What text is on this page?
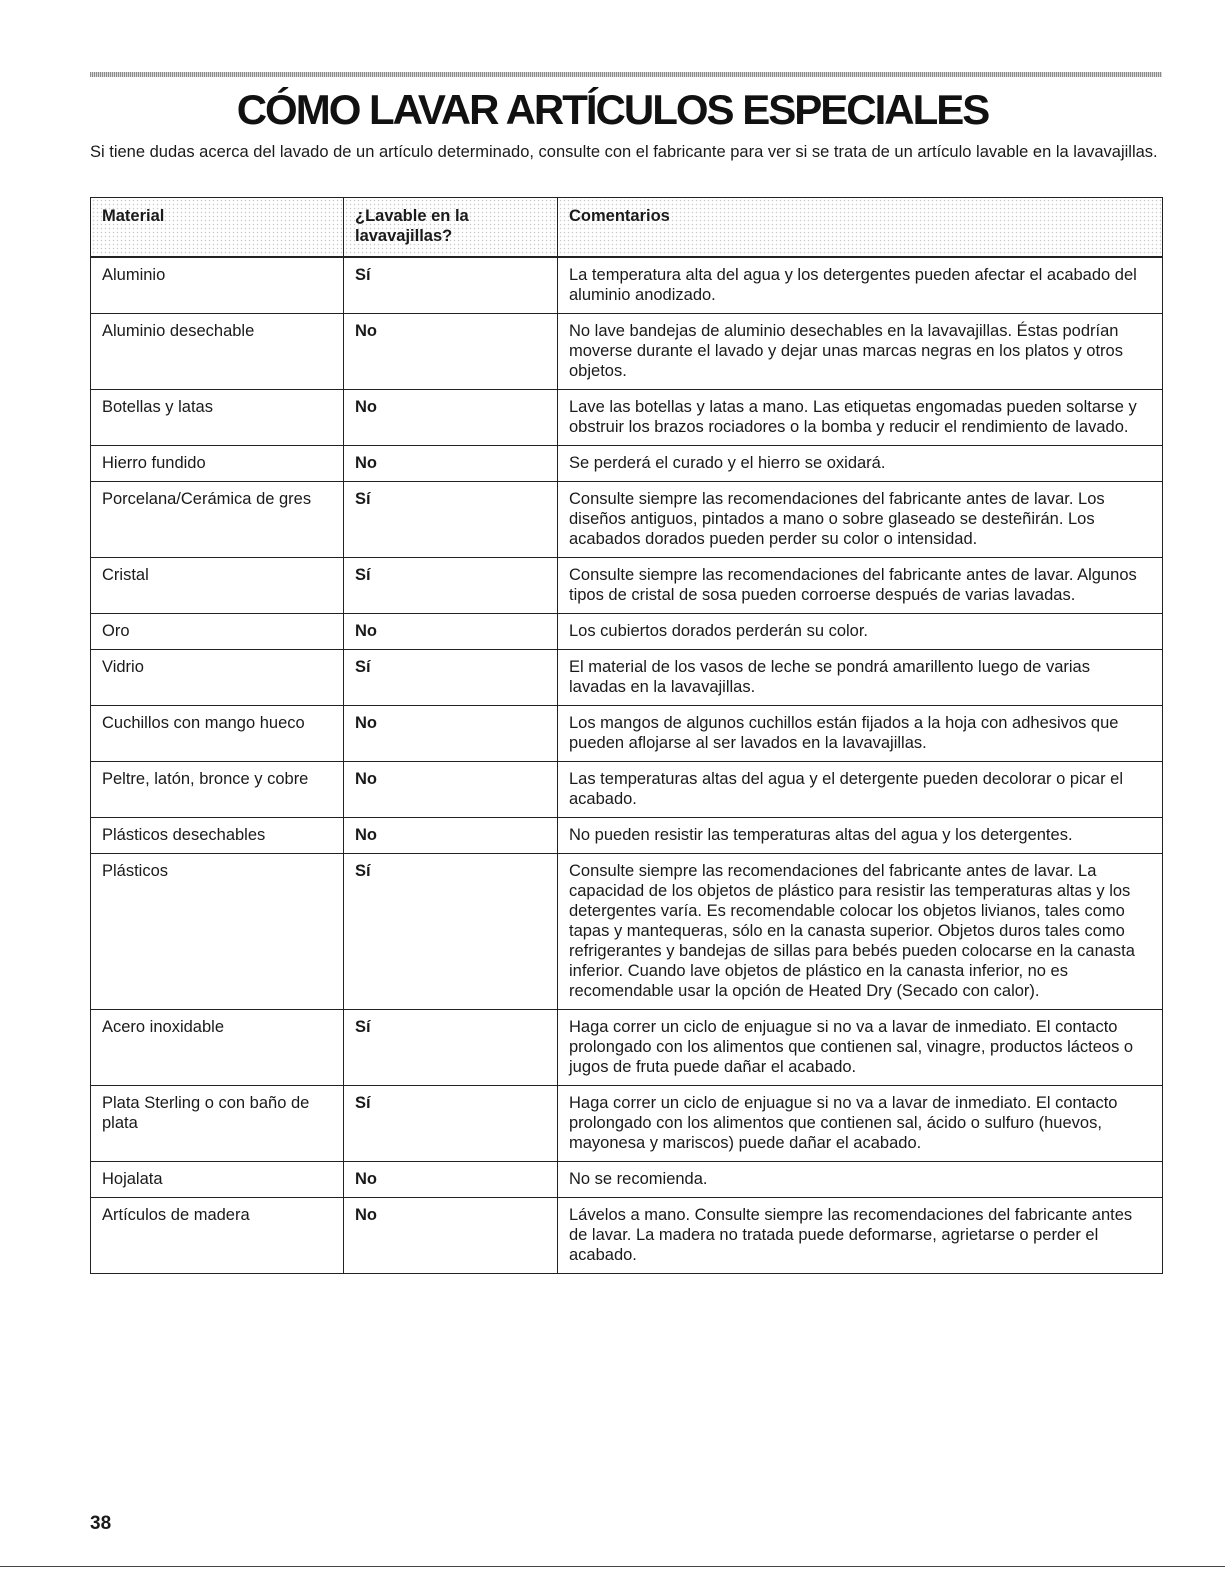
CÓMO LAVAR ARTÍCULOS ESPECIALES

Si tiene dudas acerca del lavado de un artículo determinado, consulte con el fabricante para ver si se trata de un artículo lavable en la lavavajillas.

Material	¿Lavable en la lavavajillas?	Comentarios
Aluminio	Sí	La temperatura alta del agua y los detergentes pueden afectar el acabado del aluminio anodizado.
Aluminio desechable	No	No lave bandejas de aluminio desechables en la lavavajillas. Éstas podrían moverse durante el lavado y dejar unas marcas negras en los platos y otros objetos.
Botellas y latas	No	Lave las botellas y latas a mano. Las etiquetas engomadas pueden soltarse y obstruir los brazos rociadores o la bomba y reducir el rendimiento de lavado.
Hierro fundido	No	Se perderá el curado y el hierro se oxidará.
Porcelana/Cerámica de gres	Sí	Consulte siempre las recomendaciones del fabricante antes de lavar. Los diseños antiguos, pintados a mano o sobre glaseado se desteñirán. Los acabados dorados pueden perder su color o intensidad.
Cristal	Sí	Consulte siempre las recomendaciones del fabricante antes de lavar. Algunos tipos de cristal de sosa pueden corroerse después de varias lavadas.
Oro	No	Los cubiertos dorados perderán su color.
Vidrio	Sí	El material de los vasos de leche se pondrá amarillento luego de varias lavadas en la lavavajillas.
Cuchillos con mango hueco	No	Los mangos de algunos cuchillos están fijados a la hoja con adhesivos que pueden aflojarse al ser lavados en la lavavajillas.
Peltre, latón, bronce y cobre	No	Las temperaturas altas del agua y el detergente pueden decolorar o picar el acabado.
Plásticos desechables	No	No pueden resistir las temperaturas altas del agua y los detergentes.
Plásticos	Sí	Consulte siempre las recomendaciones del fabricante antes de lavar. La capacidad de los objetos de plástico para resistir las temperaturas altas y los detergentes varía. Es recomendable colocar los objetos livianos, tales como tapas y mantequeras, sólo en la canasta superior. Objetos duros tales como refrigerantes y bandejas de sillas para bebés pueden colocarse en la canasta inferior. Cuando lave objetos de plástico en la canasta inferior, no es recomendable usar la opción de Heated Dry (Secado con calor).
Acero inoxidable	Sí	Haga correr un ciclo de enjuague si no va a lavar de inmediato. El contacto prolongado con los alimentos que contienen sal, vinagre, productos lácteos o jugos de fruta puede dañar el acabado.
Plata Sterling o con baño de plata	Sí	Haga correr un ciclo de enjuague si no va a lavar de inmediato. El contacto prolongado con los alimentos que contienen sal, ácido o sulfuro (huevos, mayonesa y mariscos) puede dañar el acabado.
Hojalata	No	No se recomienda.
Artículos de madera	No	Lávelos a mano. Consulte siempre las recomendaciones del fabricante antes de lavar. La madera no tratada puede deformarse, agrietarse o perder el acabado.

38
